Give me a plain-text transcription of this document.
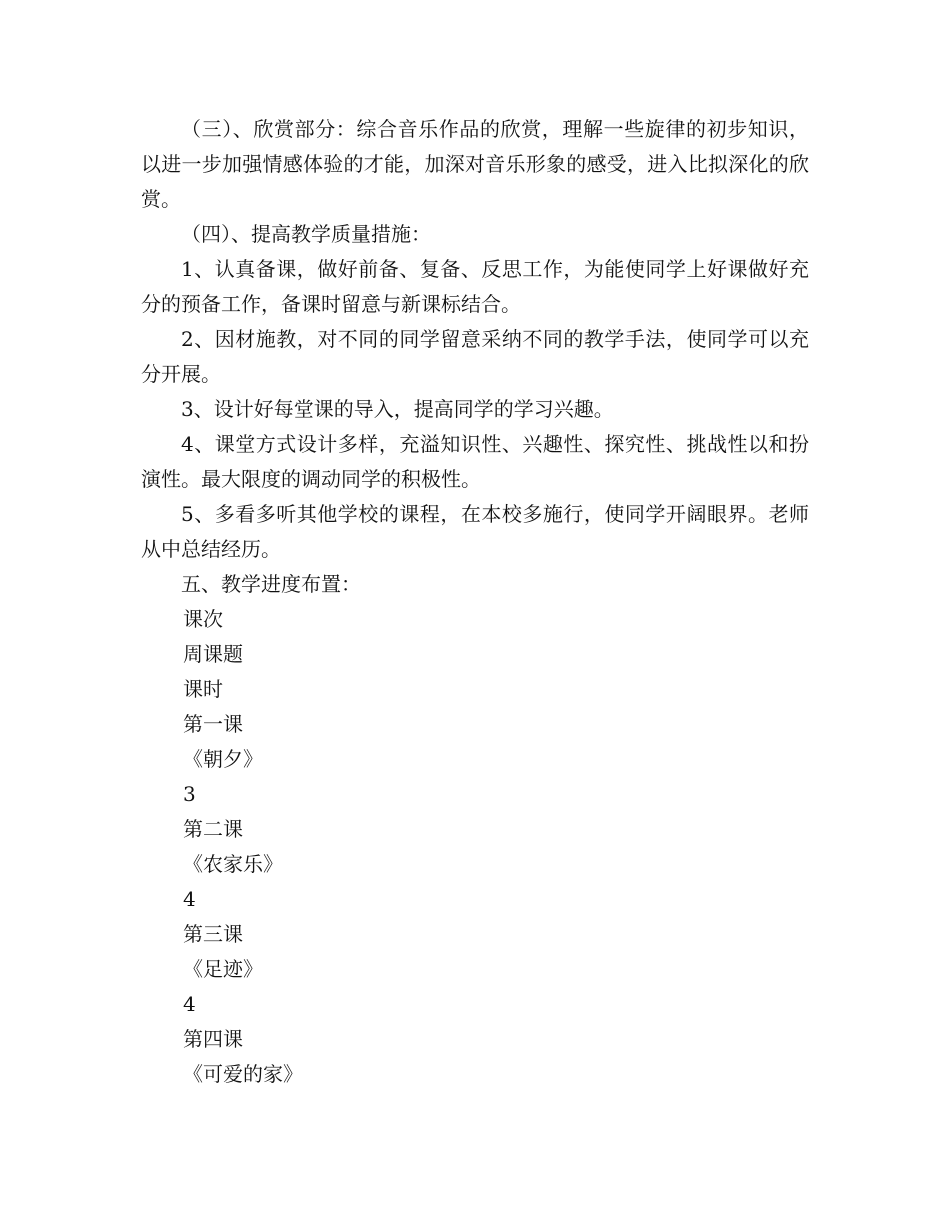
（三）、欣赏部分：综合音乐作品的欣赏，理解一些旋律的初步知识，以进一步加强情感体验的才能，加深对音乐形象的感受，进入比拟深化的欣赏。

（四）、提高教学质量措施：

1、认真备课，做好前备、复备、反思工作，为能使同学上好课做好充分的预备工作，备课时留意与新课标结合。

2、因材施教，对不同的同学留意采纳不同的教学手法，使同学可以充分开展。

3、设计好每堂课的导入，提高同学的学习兴趣。

4、课堂方式设计多样，充溢知识性、兴趣性、探究性、挑战性以和扮演性。最大限度的调动同学的积极性。

5、多看多听其他学校的课程，在本校多施行，使同学开阔眼界。老师从中总结经历。

五、教学进度布置：

课次

周课题

课时

第一课

《朝夕》

3

第二课

《农家乐》

4

第三课

《足迹》

4

第四课

《可爱的家》
